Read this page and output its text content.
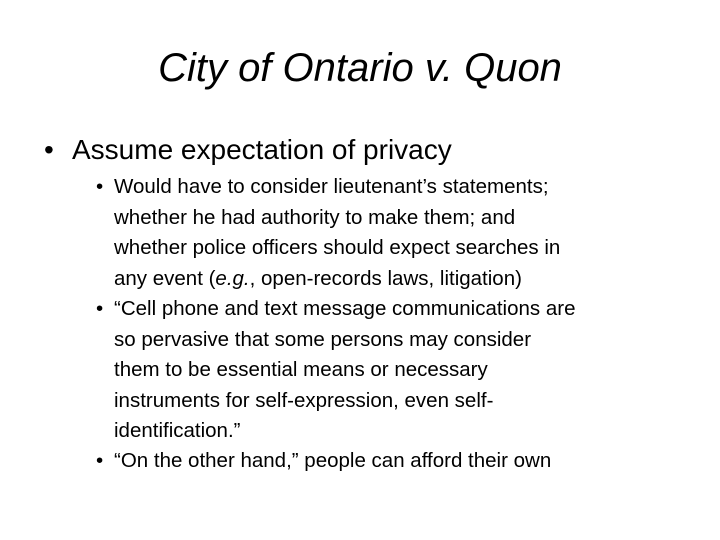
City of Ontario v. Quon
• Assume expectation of privacy
• Would have to consider lieutenant’s statements;
whether he had authority to make them; and
whether police officers should expect searches in
any event (e.g., open-records laws, litigation)
• “Cell phone and text message communications are
so pervasive that some persons may consider
them to be essential means or necessary
instruments for self-expression, even self-
identification.”
• “On the other hand,” people can afford their own
